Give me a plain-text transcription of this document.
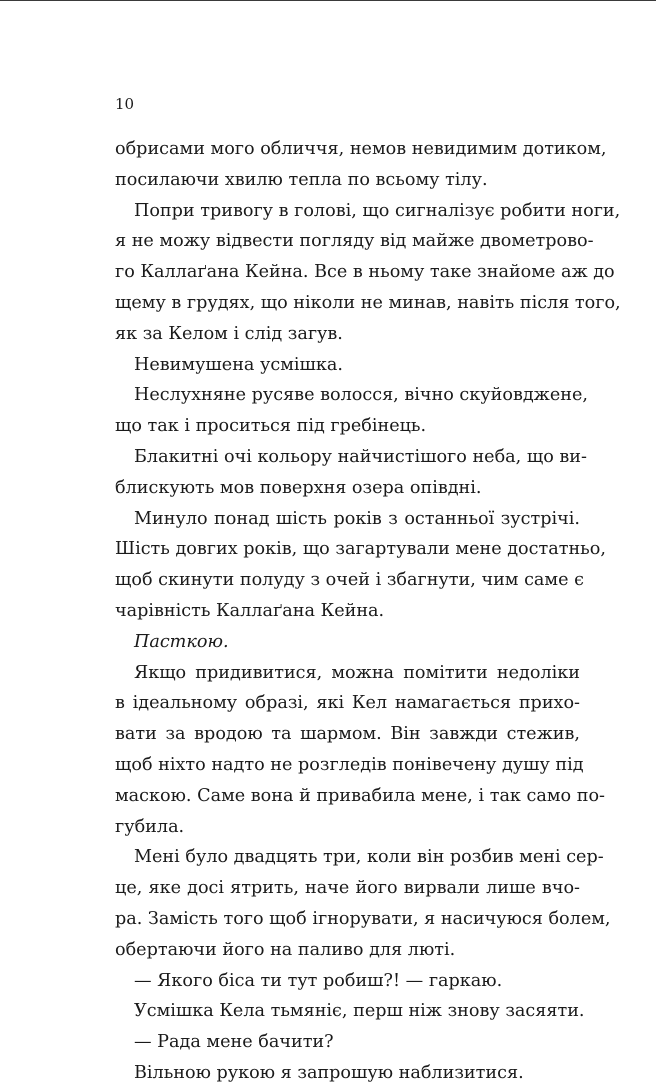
10
обрисами мого обличчя, немов невидимим дотиком,
посилаючи хвилю тепла по всьому тілу.
Попри тривогу в голові, що сигналізує робити ноги,
я не можу відвести погляду від майже двометрово-
го Каллаґана Кейна. Все в ньому таке знайоме аж до
щему в грудях, що ніколи не минав, навіть після того,
як за Келом і слід загув.
Невимушена усмішка.
Неслухняне русяве волосся, вічно скуйовджене,
що так і проситься під гребінець.
Блакитні очі кольору найчистішого неба, що ви-
блискують мов поверхня озера опівдні.
Минуло понад шість років з останньої зустрічі.
Шість довгих років, що загартували мене достатньо,
щоб скинути полуду з очей і збагнути, чим саме є
чарівність Каллаґана Кейна.
Пасткою.
Якщо придивитися, можна помітити недоліки
в ідеальному образі, які Кел намагається прихо-
вати за вродою та шармом. Він завжди стежив,
щоб ніхто надто не розгледів понівечену душу під
маскою. Саме вона й привабила мене, і так само по-
губила.
Мені було двадцять три, коли він розбив мені сер-
це, яке досі ятрить, наче його вирвали лише вчо-
ра. Замість того щоб ігнорувати, я насичуюся болем,
обертаючи його на паливо для люті.
— Якого біса ти тут робиш?! — гаркаю.
Усмішка Кела тьмяніє, перш ніж знову засяяти.
— Рада мене бачити?
Вільною рукою я запрошую наблизитися.
